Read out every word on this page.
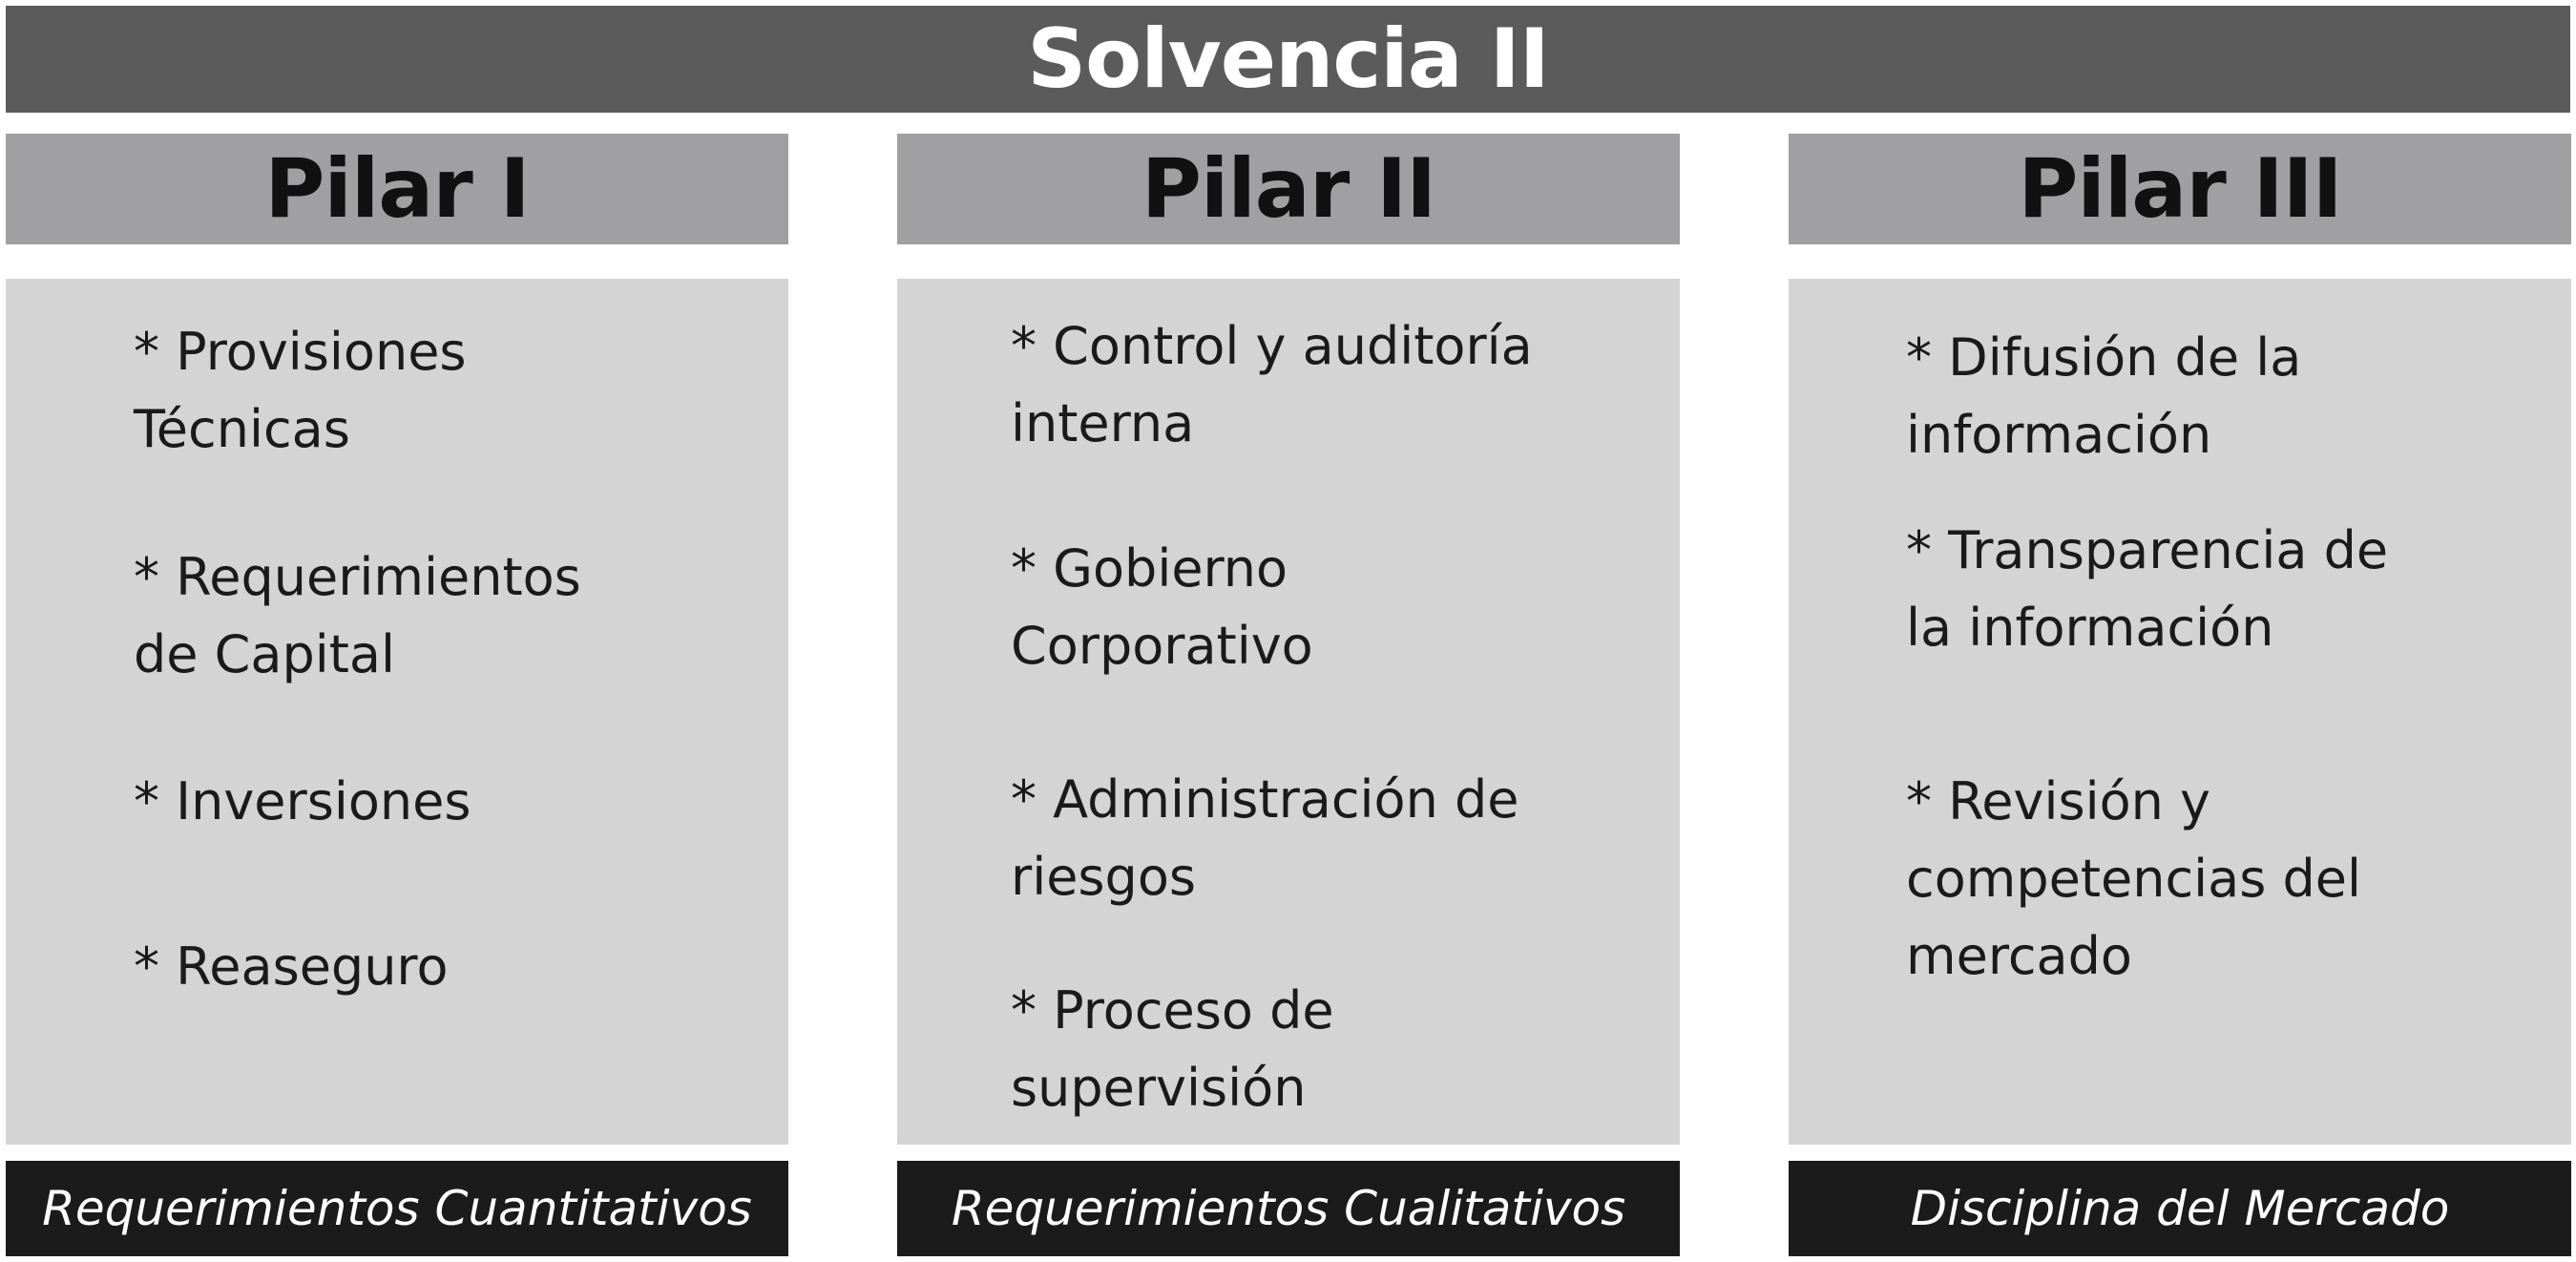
Solvencia II
Pilar I
* Provisiones
Técnicas
* Requerimientos
de Capital
* Inversiones
* Reaseguro
Requerimientos Cuantitativos
Pilar II
* Control y auditoría
interna
* Gobierno
Corporativo
* Administración de
riesgos
* Proceso de
supervisión
Requerimientos Cualitativos
Pilar III
* Difusión de la
información
* Transparencia de
la información
* Revisión y
competencias del
mercado
Disciplina del Mercado
